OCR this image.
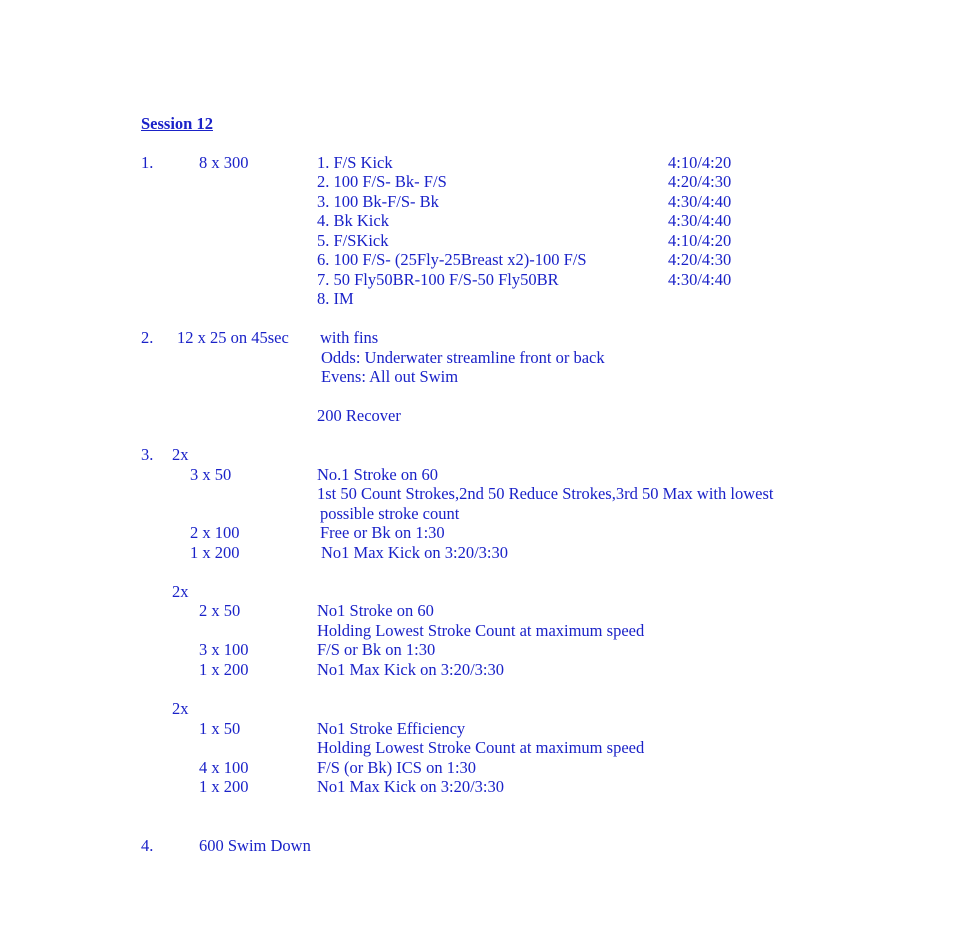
Session 12
1.	8 x 300	1. F/S Kick	4:10/4:20
2. 100 F/S- Bk- F/S	4:20/4:30
3. 100 Bk-F/S- Bk	4:30/4:40
4. Bk Kick	4:30/4:40
5. F/SKick	4:10/4:20
6. 100 F/S- (25Fly-25Breast x2)-100 F/S	4:20/4:30
7. 50 Fly50BR-100 F/S-50 Fly50BR	4:30/4:40
8. IM
2. 12 x 25 on 45sec with fins
Odds: Underwater streamline front or back
Evens: All out Swim
200 Recover
3. 2x
3 x 50	No.1 Stroke on 60
1st 50 Count Strokes,2nd 50 Reduce Strokes,3rd 50 Max with lowest
possible stroke count
2 x 100	Free or Bk on 1:30
1 x 200	No1 Max Kick on 3:20/3:30
2x
2 x 50	No1 Stroke on 60
Holding Lowest Stroke Count at maximum speed
3 x 100	F/S or Bk on 1:30
1 x 200	No1 Max Kick on 3:20/3:30
2x
1 x 50	No1 Stroke Efficiency
Holding Lowest Stroke Count at maximum speed
4 x 100	F/S (or Bk) ICS on 1:30
1 x 200	No1 Max Kick on 3:20/3:30
4.	600 Swim Down
